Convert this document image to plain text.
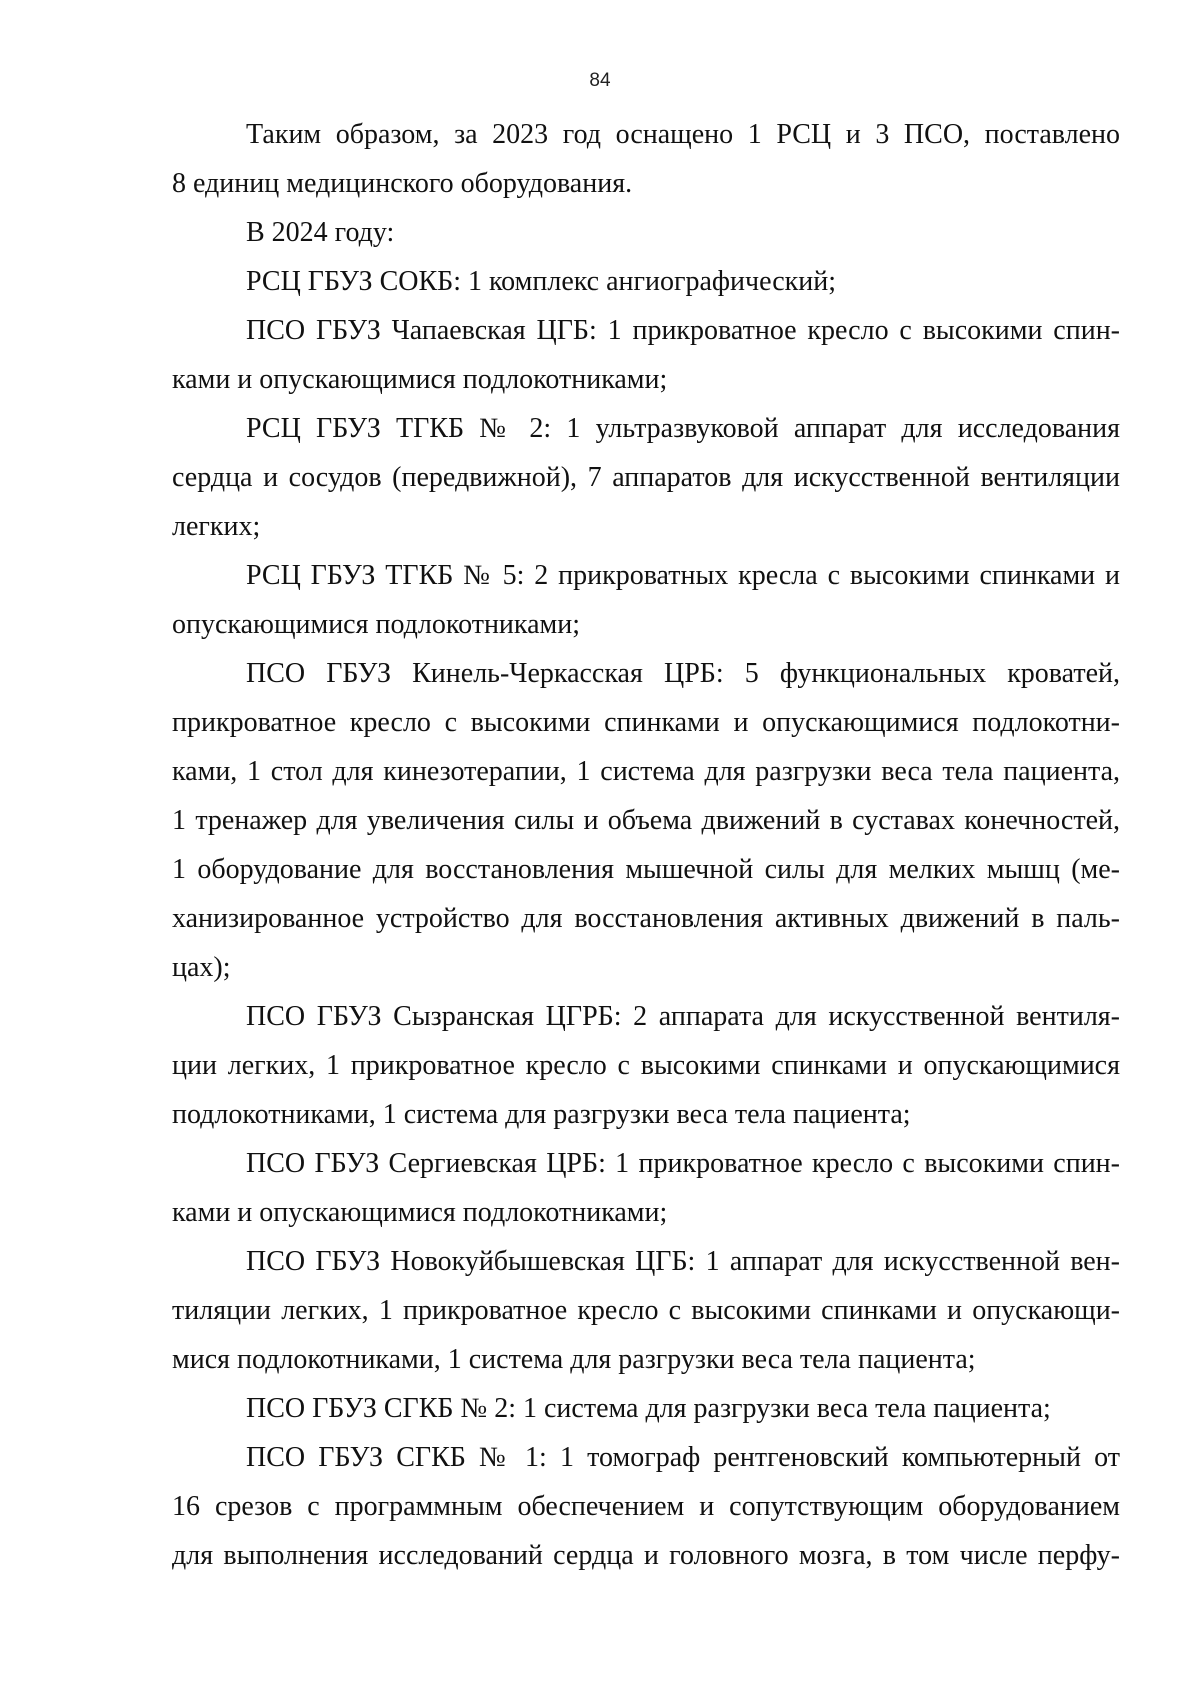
84
Таким образом, за 2023 год оснащено 1 РСЦ и 3 ПСО, поставлено
8 единиц медицинского оборудования.
В 2024 году:
РСЦ ГБУЗ СОКБ: 1 комплекс ангиографический;
ПСО ГБУЗ Чапаевская ЦГБ: 1 прикроватное кресло с высокими спин-
ками и опускающимися подлокотниками;
РСЦ ГБУЗ ТГКБ № 2: 1 ультразвуковой аппарат для исследования
сердца и сосудов (передвижной), 7 аппаратов для искусственной вентиляции
легких;
РСЦ ГБУЗ ТГКБ № 5: 2 прикроватных кресла с высокими спинками и
опускающимися подлокотниками;
ПСО ГБУЗ Кинель-Черкасская ЦРБ: 5 функциональных кроватей,
прикроватное кресло с высокими спинками и опускающимися подлокотни-
ками, 1 стол для кинезотерапии, 1 система для разгрузки веса тела пациента,
1 тренажер для увеличения силы и объема движений в суставах конечностей,
1 оборудование для восстановления мышечной силы для мелких мышц (ме-
ханизированное устройство для восстановления активных движений в паль-
цах);
ПСО ГБУЗ Сызранская ЦГРБ: 2 аппарата для искусственной вентиля-
ции легких, 1 прикроватное кресло с высокими спинками и опускающимися
подлокотниками, 1 система для разгрузки веса тела пациента;
ПСО ГБУЗ Сергиевская ЦРБ: 1 прикроватное кресло с высокими спин-
ками и опускающимися подлокотниками;
ПСО ГБУЗ Новокуйбышевская ЦГБ: 1 аппарат для искусственной вен-
тиляции легких, 1 прикроватное кресло с высокими спинками и опускающи-
мися подлокотниками, 1 система для разгрузки веса тела пациента;
ПСО ГБУЗ СГКБ № 2: 1 система для разгрузки веса тела пациента;
ПСО ГБУЗ СГКБ № 1: 1 томограф рентгеновский компьютерный от
16 срезов с программным обеспечением и сопутствующим оборудованием
для выполнения исследований сердца и головного мозга, в том числе перфу-
